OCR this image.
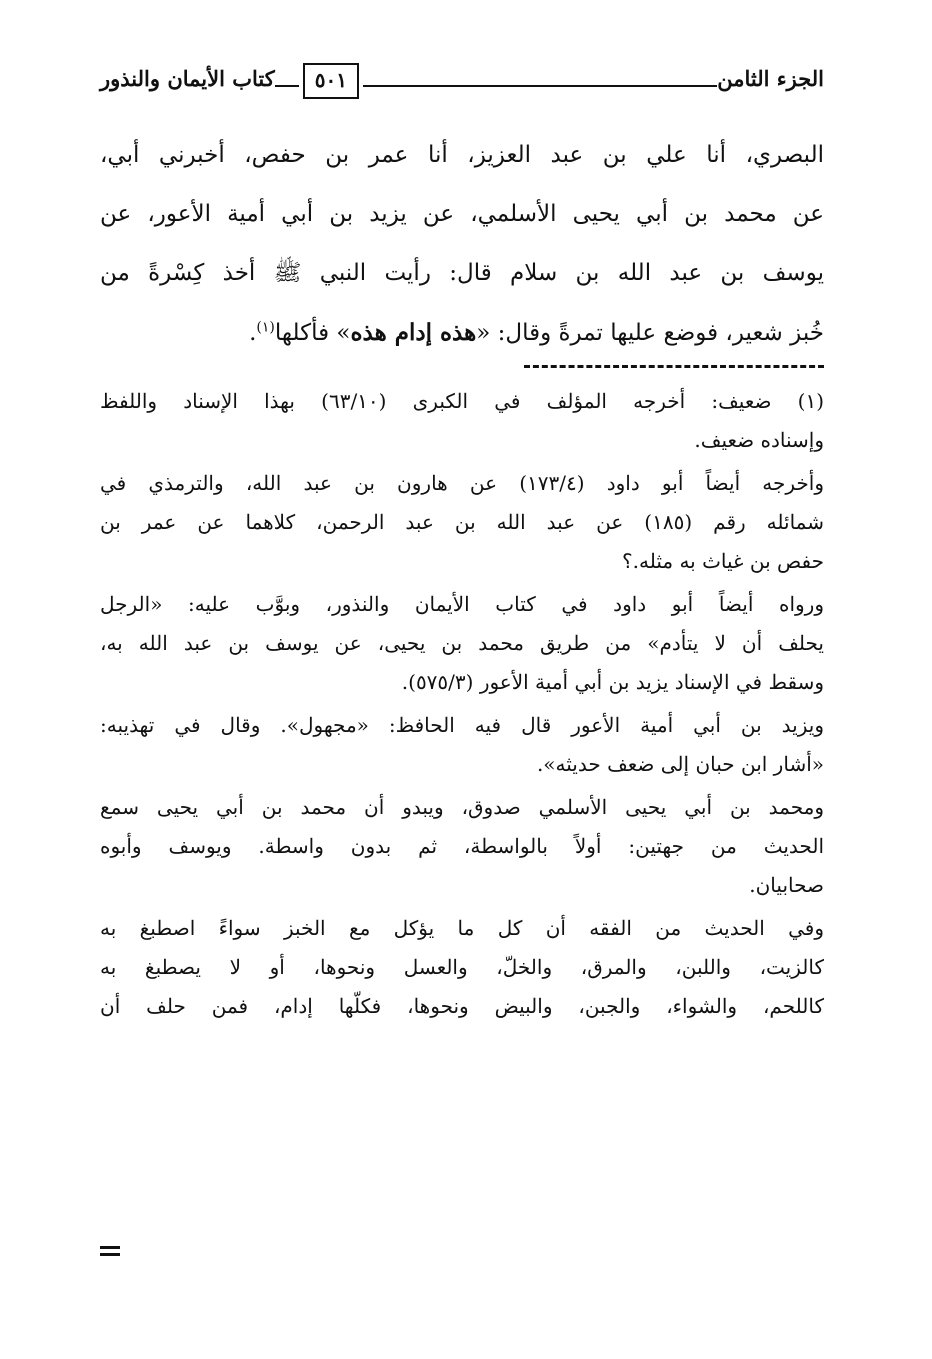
الجزء الثامن
٥٠١
كتاب الأيمان والنذور
البصري، أنا علي بن عبد العزيز، أنا عمر بن حفص، أخبرني أبي،
عن محمد بن أبي يحيى الأسلمي، عن يزيد بن أبي أمية الأعور، عن
يوسف بن عبد الله بن سلام قال: رأيت النبي ﷺ أخذ كِسْرةً من
خُبز شعير، فوضع عليها تمرةً وقال: «هذه إدام هذه» فأكلها$^{(١)}$.
(١) ضعيف: أخرجه المؤلف في الكبرى (٦٣/١٠) بهذا الإسناد واللفظ
وإسناده ضعيف.
وأخرجه أيضاً أبو داود (١٧٣/٤) عن هارون بن عبد الله، والترمذي في
شمائله رقم (١٨٥) عن عبد الله بن عبد الرحمن، كلاهما عن عمر بن
حفص بن غياث به مثله.؟
ورواه أيضاً أبو داود في كتاب الأيمان والنذور، وبوَّب عليه: «الرجل
يحلف أن لا يتأدم» من طريق محمد بن يحيى، عن يوسف بن عبد الله به،
وسقط في الإسناد يزيد بن أبي أمية الأعور (٥٧٥/٣).
ويزيد بن أبي أمية الأعور قال فيه الحافظ: «مجهول». وقال في تهذيبه:
«أشار ابن حبان إلى ضعف حديثه».
ومحمد بن أبي يحيى الأسلمي صدوق، ويبدو أن محمد بن أبي يحيى سمع
الحديث من جهتين: أولاً بالواسطة، ثم بدون واسطة. ويوسف وأبوه
صحابيان.
وفي الحديث من الفقه أن كل ما يؤكل مع الخبز سواءً اصطبغ به
كالزيت، واللبن، والمرق، والخلّ، والعسل ونحوها، أو لا يصطبغ به
كاللحم، والشواء، والجبن، والبيض ونحوها، فكلّها إدام، فمن حلف أن
